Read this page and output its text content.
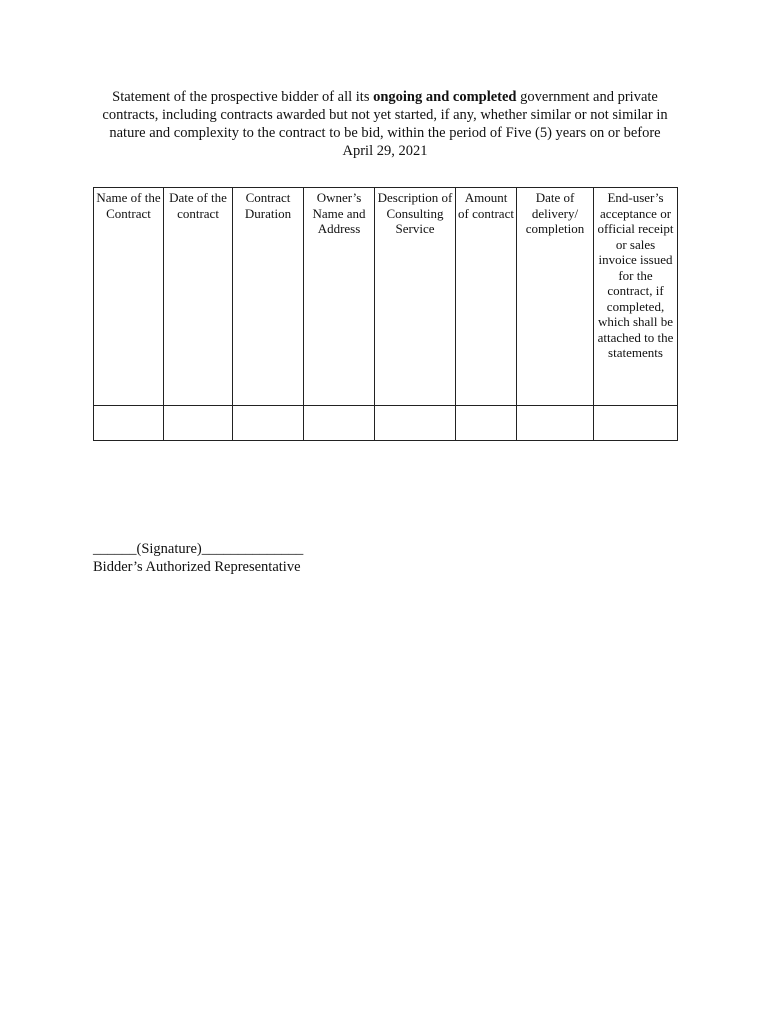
Statement of the prospective bidder of all its ongoing and completed government and private contracts, including contracts awarded but not yet started, if any, whether similar or not similar in nature and complexity to the contract to be bid, within the period of Five (5) years on or before April 29, 2021

Name of the Contract	Date of the contract	Contract Duration	Owner’s Name and Address	Description of Consulting Service	Amount of contract	Date of delivery/ completion	End-user’s acceptance or official receipt or sales invoice issued for the contract, if completed, which shall be attached to the statements

______(Signature)______________
Bidder’s Authorized Representative
